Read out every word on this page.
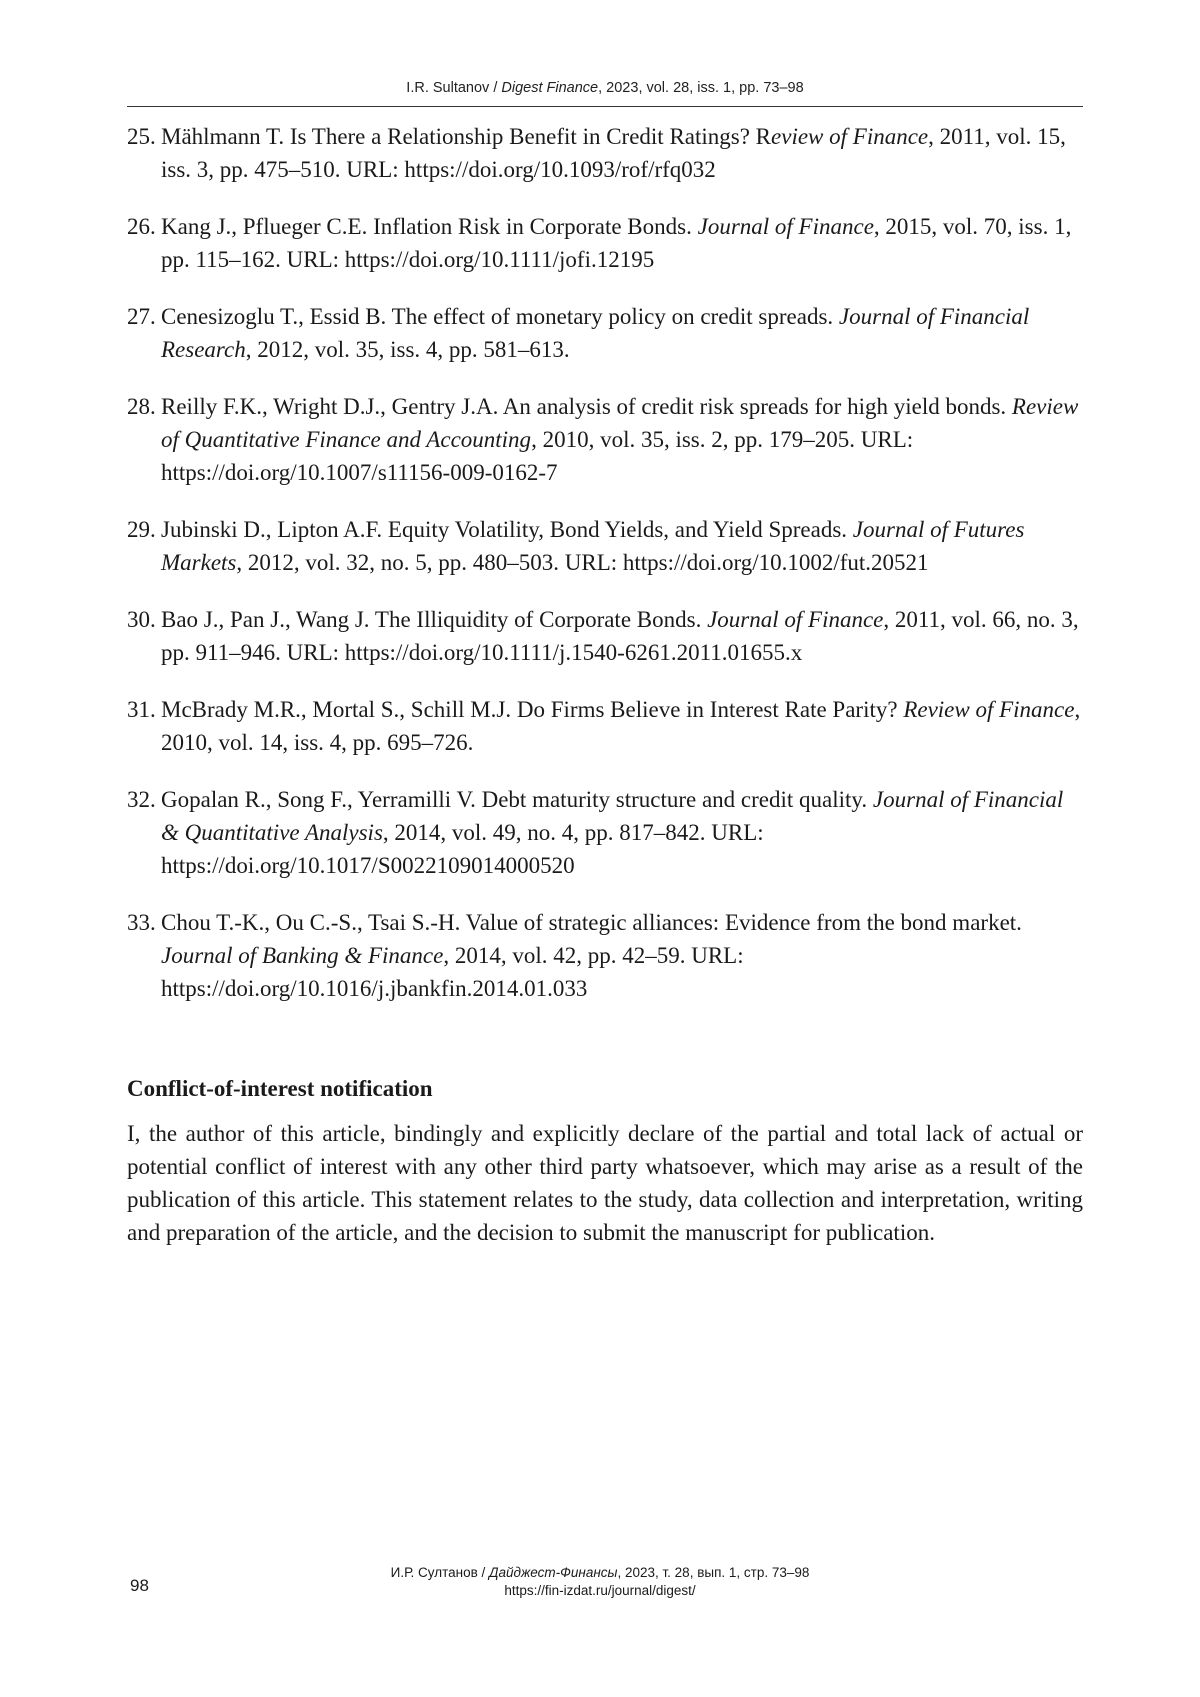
I.R. Sultanov / Digest Finance, 2023, vol. 28, iss. 1, pp. 73–98
25. Mählmann T. Is There a Relationship Benefit in Credit Ratings? Review of Finance, 2011, vol. 15, iss. 3, pp. 475–510. URL: https://doi.org/10.1093/rof/rfq032
26. Kang J., Pflueger C.E. Inflation Risk in Corporate Bonds. Journal of Finance, 2015, vol. 70, iss. 1, pp. 115–162. URL: https://doi.org/10.1111/jofi.12195
27. Cenesizoglu T., Essid B. The effect of monetary policy on credit spreads. Journal of Financial Research, 2012, vol. 35, iss. 4, pp. 581–613.
28. Reilly F.K., Wright D.J., Gentry J.A. An analysis of credit risk spreads for high yield bonds. Review of Quantitative Finance and Accounting, 2010, vol. 35, iss. 2, pp. 179–205. URL: https://doi.org/10.1007/s11156-009-0162-7
29. Jubinski D., Lipton A.F. Equity Volatility, Bond Yields, and Yield Spreads. Journal of Futures Markets, 2012, vol. 32, no. 5, pp. 480–503. URL: https://doi.org/10.1002/fut.20521
30. Bao J., Pan J., Wang J. The Illiquidity of Corporate Bonds. Journal of Finance, 2011, vol. 66, no. 3, pp. 911–946. URL: https://doi.org/10.1111/j.1540-6261.2011.01655.x
31. McBrady M.R., Mortal S., Schill M.J. Do Firms Believe in Interest Rate Parity? Review of Finance, 2010, vol. 14, iss. 4, pp. 695–726.
32. Gopalan R., Song F., Yerramilli V. Debt maturity structure and credit quality. Journal of Financial & Quantitative Analysis, 2014, vol. 49, no. 4, pp. 817–842. URL: https://doi.org/10.1017/S0022109014000520
33. Chou T.-K., Ou C.-S., Tsai S.-H. Value of strategic alliances: Evidence from the bond market. Journal of Banking & Finance, 2014, vol. 42, pp. 42–59. URL: https://doi.org/10.1016/j.jbankfin.2014.01.033
Conflict-of-interest notification

I, the author of this article, bindingly and explicitly declare of the partial and total lack of actual or potential conflict of interest with any other third party whatsoever, which may arise as a result of the publication of this article. This statement relates to the study, data collection and interpretation, writing and preparation of the article, and the decision to submit the manuscript for publication.

98
И.Р. Султанов / Дайджест-Финансы, 2023, т. 28, вып. 1, стр. 73–98
https://fin-izdat.ru/journal/digest/
